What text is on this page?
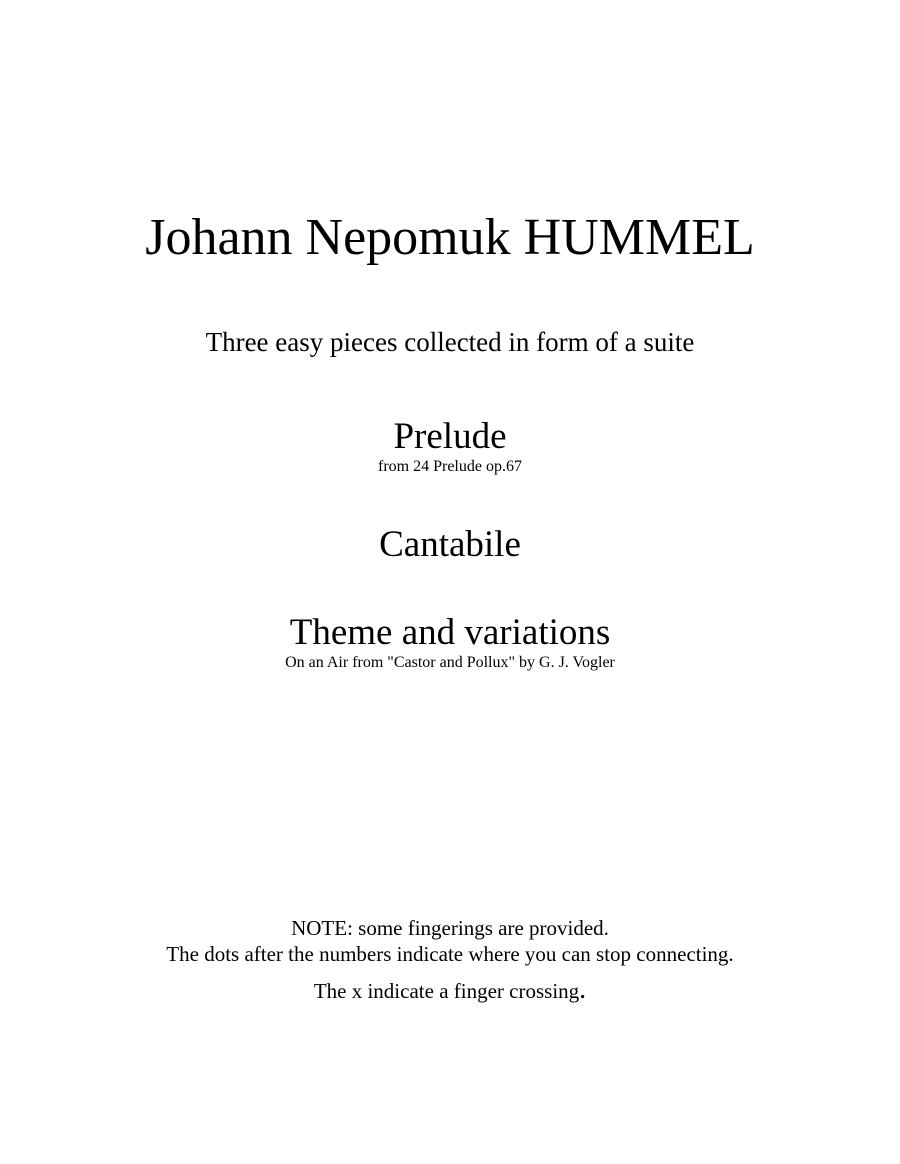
Johann Nepomuk HUMMEL
Three easy pieces collected in form of a suite
Prelude
from 24 Prelude op.67
Cantabile
Theme and variations
On an Air from "Castor and Pollux" by G. J. Vogler
NOTE: some fingerings are provided.
The dots after the numbers indicate where you can stop connecting.
The x indicate a finger crossing.
